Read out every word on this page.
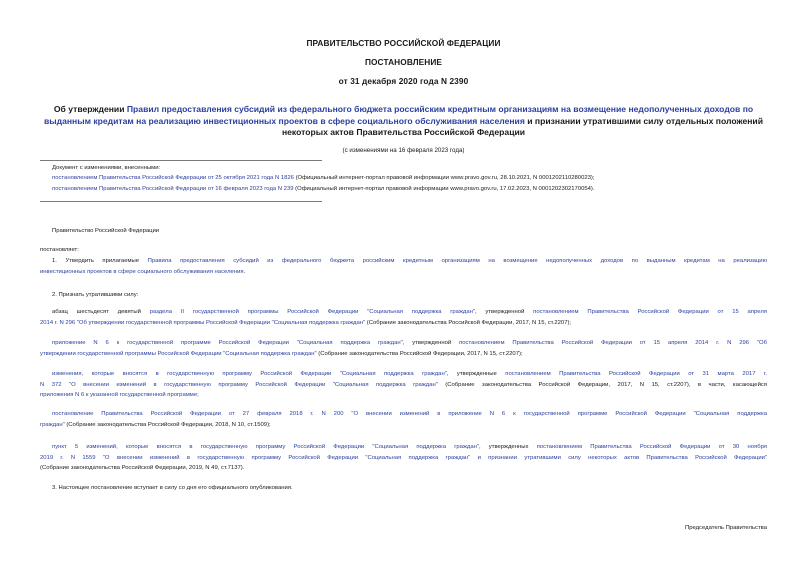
ПРАВИТЕЛЬСТВО РОССИЙСКОЙ ФЕДЕРАЦИИ
ПОСТАНОВЛЕНИЕ
от 31 декабря 2020 года N 2390
Об утверждении Правил предоставления субсидий из федерального бюджета российским кредитным организациям на возмещение недополученных доходов по выданным кредитам на реализацию инвестиционных проектов в сфере социального обслуживания населения и признании утратившими силу отдельных положений некоторых актов Правительства Российской Федерации
(с изменениями на 16 февраля 2023 года)
Документ с изменениями, внесенными:
постановлением Правительства Российской Федерации от 25 октября 2021 года N 1826 (Официальный интернет-портал правовой информации www.pravo.gov.ru, 28.10.2021, N 0001202110280023);
постановлением Правительства Российской Федерации от 16 февраля 2023 года N 239 (Официальный интернет-портал правовой информации www.pravo.gov.ru, 17.02.2023, N 0001202302170054).
Правительство Российской Федерации
постановляет:
1. Утвердить прилагаемые Правила предоставления субсидий из федерального бюджета российским кредитным организациям на возмещение недополученных доходов по выданным кредитам на реализацию
инвестиционных проектов в сфере социального обслуживания населения.
2. Признать утратившими силу:
абзац шестьдесят девятый раздела II государственной программы Российской Федерации "Социальная поддержка граждан", утвержденной постановлением Правительства Российской Федерации от 15 апреля
2014 г. N 296 "Об утверждении государственной программы Российской Федерации "Социальная поддержка граждан" (Собрание законодательства Российской Федерации, 2017, N 15, ст.2207);
приложение N 6 к государственной программе Российской Федерации "Социальная поддержка граждан", утвержденной постановлением Правительства Российской Федерации от 15 апреля 2014 г. N 296 "Об
утверждении государственной программы Российской Федерации "Социальная поддержка граждан" (Собрание законодательства Российской Федерации, 2017, N 15, ст.2207);
изменения, которые вносятся в государственную программу Российской Федерации "Социальная поддержка граждан", утвержденные постановлением Правительства Российской Федерации от 31 марта 2017 г.
N 372 "О внесении изменений в государственную программу Российской Федерации "Социальная поддержка граждан" (Собрание законодательства Российской Федерации, 2017, N 15, ст.2207), в части, касающейся
приложения N 6 к указанной государственной программе;
постановление Правительства Российской Федерации от 27 февраля 2018 г. N 200 "О внесении изменений в приложение N 6 к государственной программе Российской Федерации "Социальная поддержка
граждан" (Собрание законодательства Российской Федерации, 2018, N 10, ст.1509);
пункт 5 изменений, которые вносятся в государственную программу Российской Федерации "Социальная поддержка граждан", утвержденных постановлением Правительства Российской Федерации от 30 ноября
2019 г. N 1559 "О внесении изменений в государственную программу Российской Федерации "Социальная поддержка граждан" и признании утратившими силу некоторых актов Правительства Российской Федерации"
(Собрание законодательства Российской Федерации, 2019, N 49, ст.7137).
3. Настоящее постановление вступает в силу со дня его официального опубликования.
Председатель Правительства
